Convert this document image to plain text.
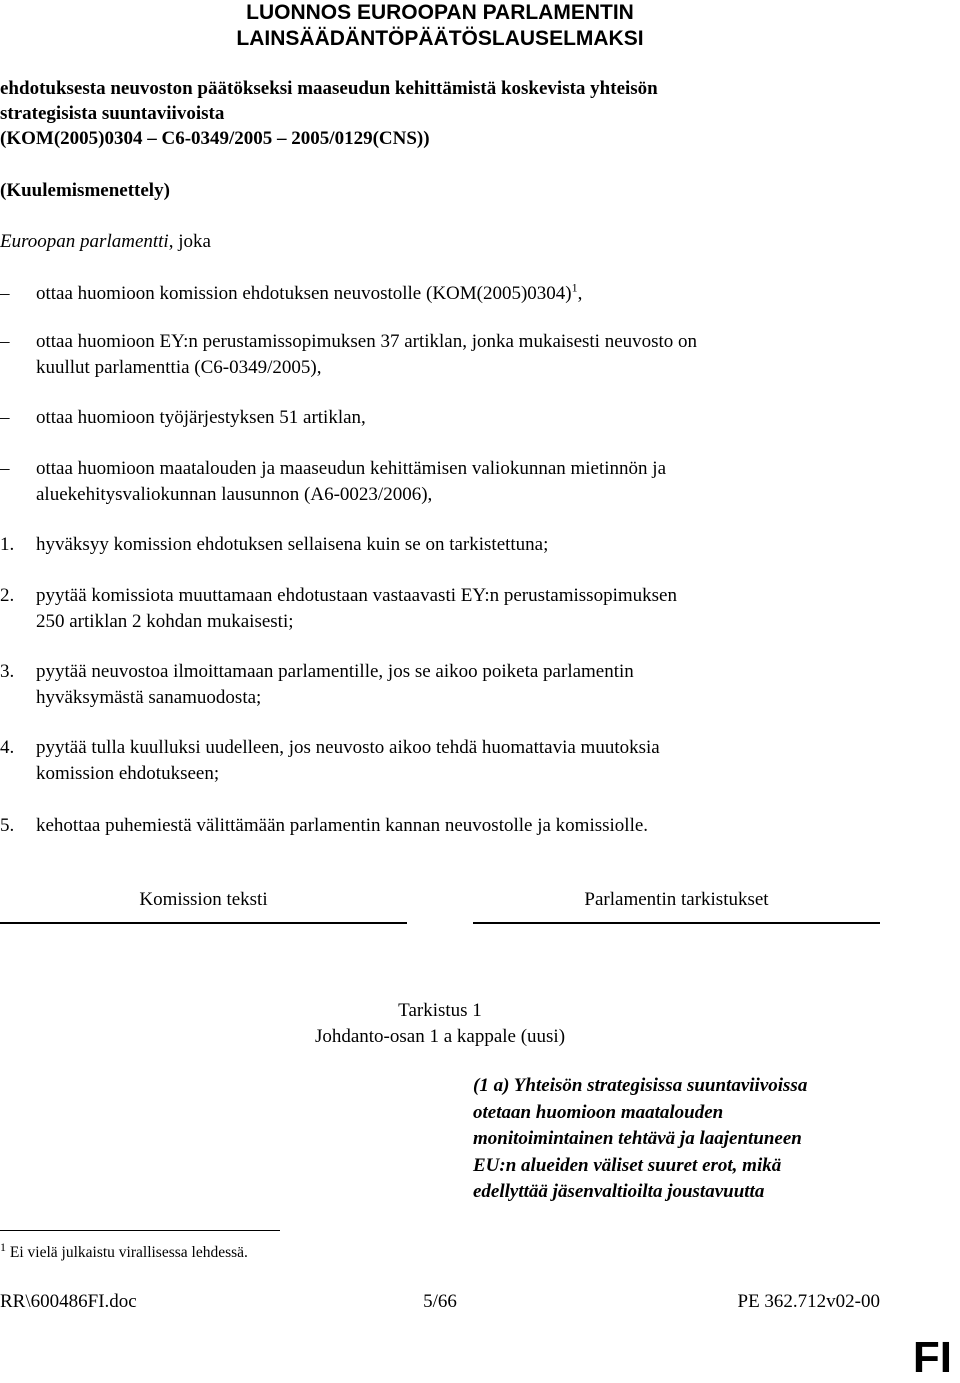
LUONNOS EUROOPAN PARLAMENTIN
LAINSÄÄDÄNTÖPÄÄTÖSLAUSELMAKSI
ehdotuksesta neuvoston päätökseksi maaseudun kehittämistä koskevista yhteisön
strategisista suuntaviivoista
(KOM(2005)0304 – C6-0349/2005 – 2005/0129(CNS))
(Kuulemismenettely)
Euroopan parlamentti, joka
–	ottaa huomioon komission ehdotuksen neuvostolle $(KOM(2005)0304)^1$,
–	ottaa huomioon EY:n perustamissopimuksen 37 artiklan, jonka mukaisesti neuvosto on
kuullut parlamenttia (C6-0349/2005),
–	ottaa huomioon työjärjestyksen 51 artiklan,
–	ottaa huomioon maatalouden ja maaseudun kehittämisen valiokunnan mietinnön ja
aluekehitysvaliokunnan lausunnon (A6-0023/2006),
1. hyväksyy komission ehdotuksen sellaisena kuin se on tarkistettuna;
2. pyytää komissiota muuttamaan ehdotustaan vastaavasti EY:n perustamissopimuksen
250 artiklan 2 kohdan mukaisesti;
3. pyytää neuvostoa ilmoittamaan parlamentille, jos se aikoo poiketa parlamentin
hyväksymästä sanamuodosta;
4. pyytää tulla kuulluksi uudelleen, jos neuvosto aikoo tehdä huomattavia muutoksia
komission ehdotukseen;
5. kehottaa puhemiestä välittämään parlamentin kannan neuvostolle ja komissiolle.
Komission teksti	Parlamentin tarkistukset
Tarkistus 1
Johdanto-osan 1 a kappale (uusi)
(1 a) Yhteisön strategisissa suuntaviivoissa
otetaan huomioon maatalouden
monitoimintainen tehtävä ja laajentuneen
EU:n alueiden väliset suuret erot, mikä
edellyttää jäsenvaltioilta joustavuutta
$^1$ Ei vielä julkaistu virallisessa lehdessä.
RR\600486FI.doc	5/66	PE 362.712v02-00
FI
